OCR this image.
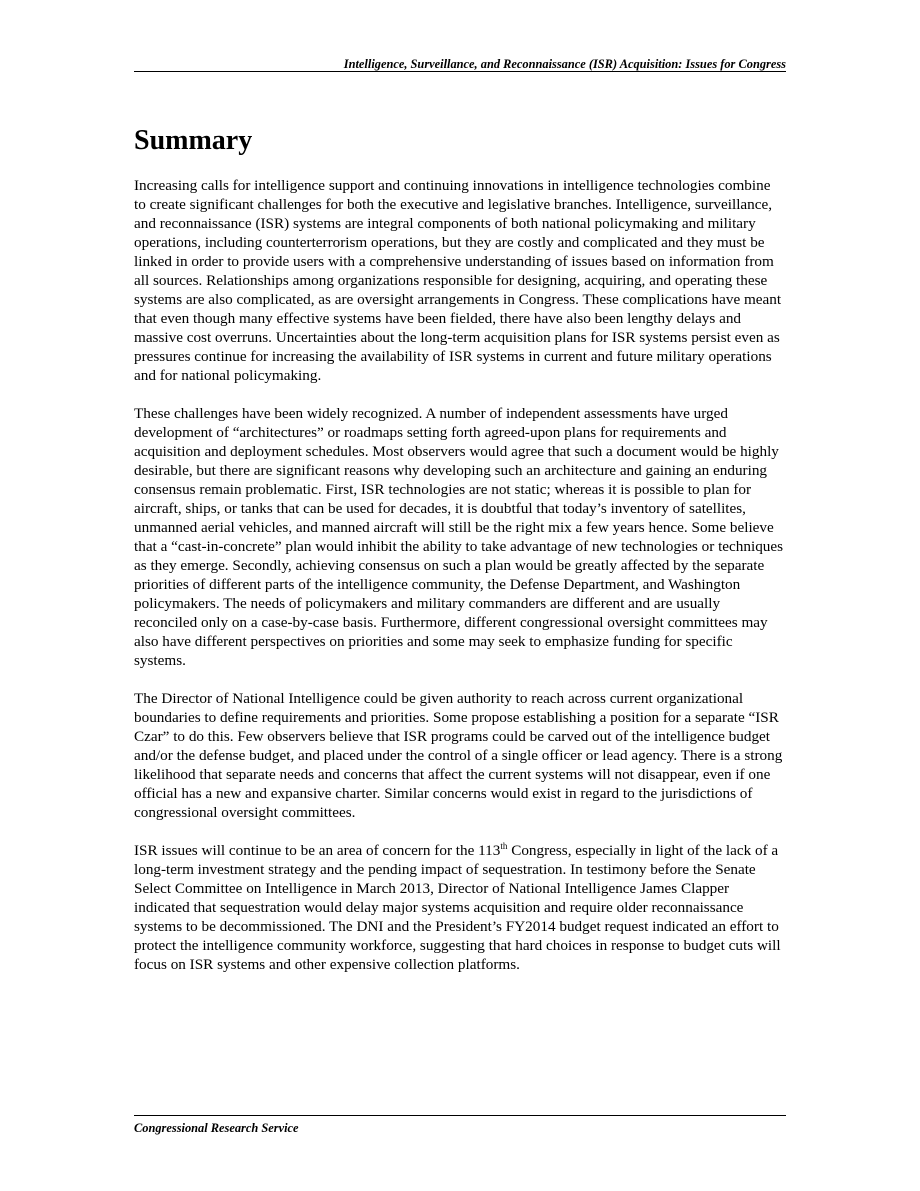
Intelligence, Surveillance, and Reconnaissance (ISR) Acquisition: Issues for Congress
Summary

Increasing calls for intelligence support and continuing innovations in intelligence technologies combine to create significant challenges for both the executive and legislative branches. Intelligence, surveillance, and reconnaissance (ISR) systems are integral components of both national policymaking and military operations, including counterterrorism operations, but they are costly and complicated and they must be linked in order to provide users with a comprehensive understanding of issues based on information from all sources. Relationships among organizations responsible for designing, acquiring, and operating these systems are also complicated, as are oversight arrangements in Congress. These complications have meant that even though many effective systems have been fielded, there have also been lengthy delays and massive cost overruns. Uncertainties about the long-term acquisition plans for ISR systems persist even as pressures continue for increasing the availability of ISR systems in current and future military operations and for national policymaking.

These challenges have been widely recognized. A number of independent assessments have urged development of “architectures” or roadmaps setting forth agreed-upon plans for requirements and acquisition and deployment schedules. Most observers would agree that such a document would be highly desirable, but there are significant reasons why developing such an architecture and gaining an enduring consensus remain problematic. First, ISR technologies are not static; whereas it is possible to plan for aircraft, ships, or tanks that can be used for decades, it is doubtful that today’s inventory of satellites, unmanned aerial vehicles, and manned aircraft will still be the right mix a few years hence. Some believe that a “cast-in-concrete” plan would inhibit the ability to take advantage of new technologies or techniques as they emerge. Secondly, achieving consensus on such a plan would be greatly affected by the separate priorities of different parts of the intelligence community, the Defense Department, and Washington policymakers. The needs of policymakers and military commanders are different and are usually reconciled only on a case-by-case basis. Furthermore, different congressional oversight committees may also have different perspectives on priorities and some may seek to emphasize funding for specific systems.

The Director of National Intelligence could be given authority to reach across current organizational boundaries to define requirements and priorities. Some propose establishing a position for a separate “ISR Czar” to do this. Few observers believe that ISR programs could be carved out of the intelligence budget and/or the defense budget, and placed under the control of a single officer or lead agency. There is a strong likelihood that separate needs and concerns that affect the current systems will not disappear, even if one official has a new and expansive charter. Similar concerns would exist in regard to the jurisdictions of congressional oversight committees.

ISR issues will continue to be an area of concern for the 113th Congress, especially in light of the lack of a long-term investment strategy and the pending impact of sequestration. In testimony before the Senate Select Committee on Intelligence in March 2013, Director of National Intelligence James Clapper indicated that sequestration would delay major systems acquisition and require older reconnaissance systems to be decommissioned. The DNI and the President’s FY2014 budget request indicated an effort to protect the intelligence community workforce, suggesting that hard choices in response to budget cuts will focus on ISR systems and other expensive collection platforms.

Congressional Research Service
